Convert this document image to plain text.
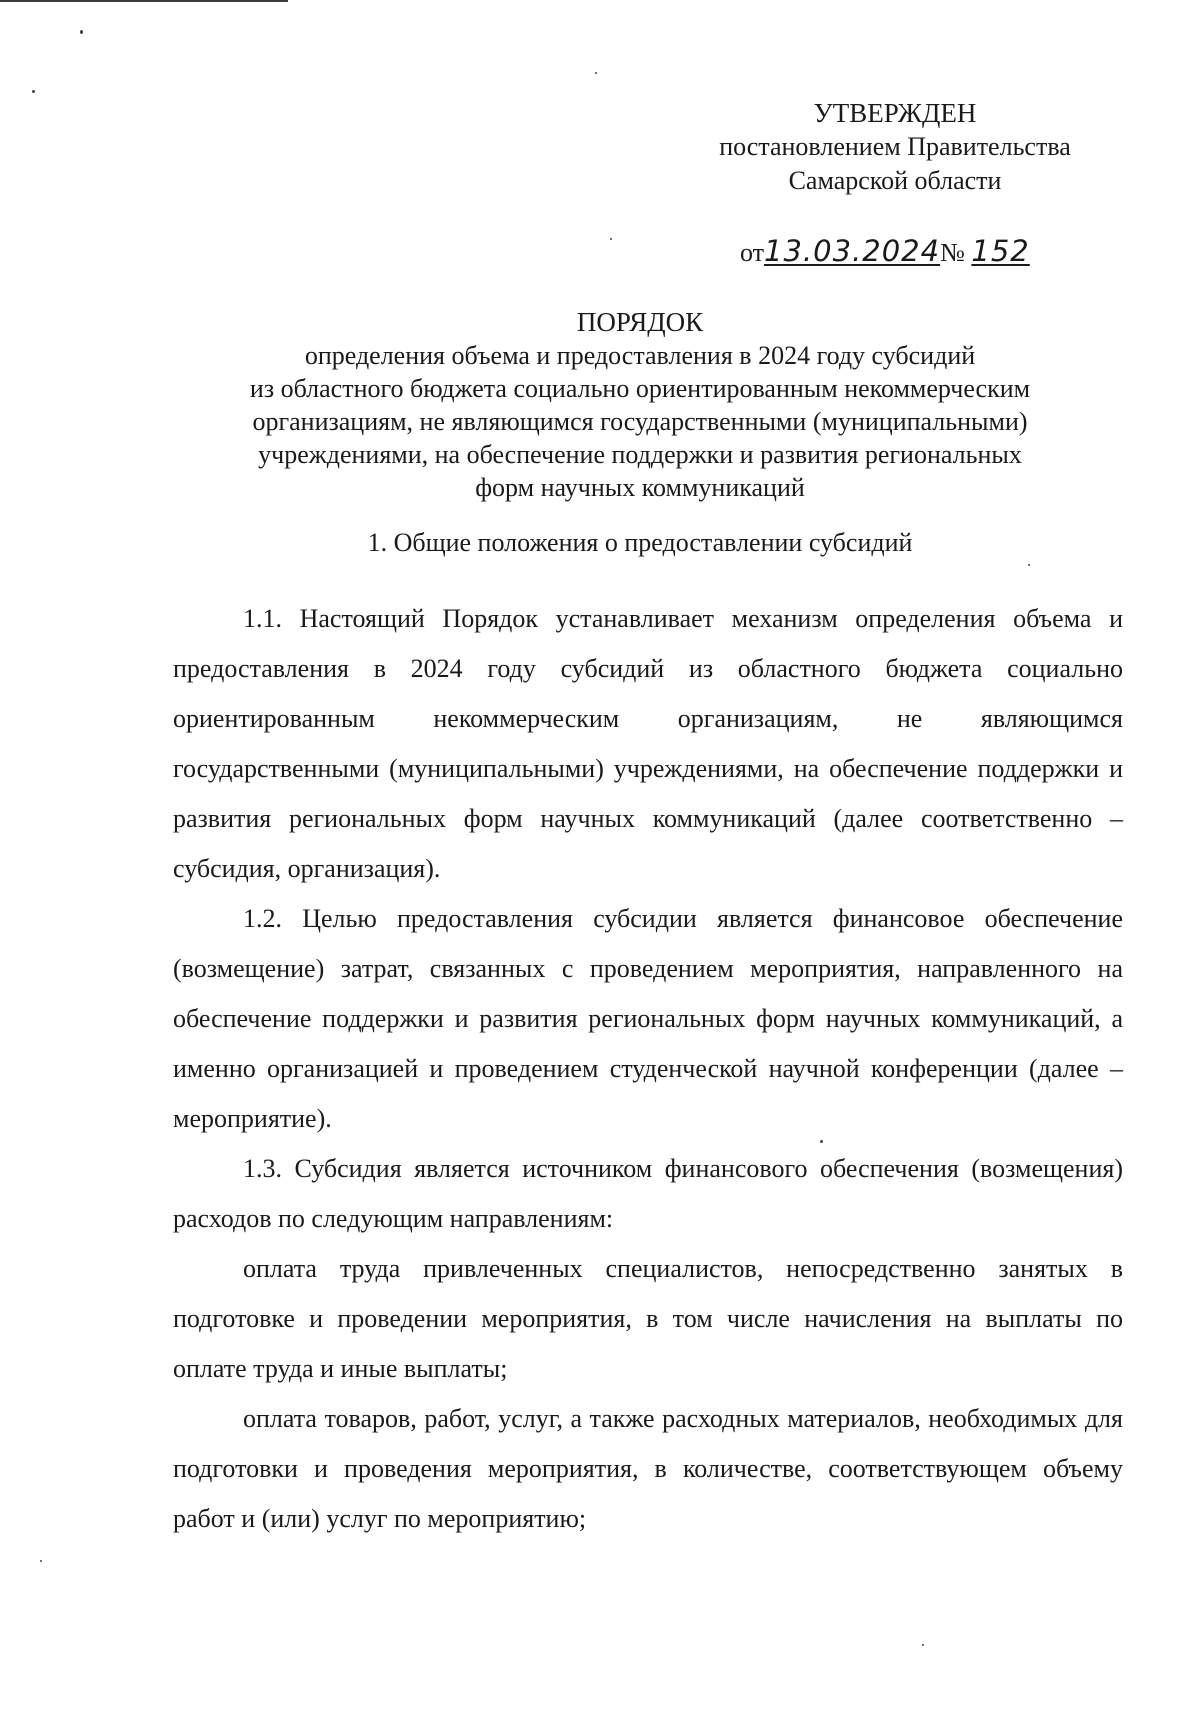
УТВЕРЖДЕН
постановлением Правительства
Самарской области
от13.03.2024№ 152
ПОРЯДОК
определения объема и предоставления в 2024 году субсидий
из областного бюджета социально ориентированным некоммерческим
организациям, не являющимся государственными (муниципальными)
учреждениями, на обеспечение поддержки и развития региональных
форм научных коммуникаций
1. Общие положения о предоставлении субсидий

1.1. Настоящий Порядок устанавливает механизм определения объема и предоставления в 2024 году субсидий из областного бюджета социально ориентированным некоммерческим организациям, не являющимся государственными (муниципальными) учреждениями, на обеспечение поддержки и развития региональных форм научных коммуникаций (далее соответственно – субсидия, организация).

1.2. Целью предоставления субсидии является финансовое обеспечение (возмещение) затрат, связанных с проведением мероприятия, направленного на обеспечение поддержки и развития региональных форм научных коммуникаций, а именно организацией и проведением студенческой научной конференции (далее – мероприятие).

1.3. Субсидия является источником финансового обеспечения (возмещения) расходов по следующим направлениям:

оплата труда привлеченных специалистов, непосредственно занятых в подготовке и проведении мероприятия, в том числе начисления на выплаты по оплате труда и иные выплаты;

оплата товаров, работ, услуг, а также расходных материалов, необходимых для подготовки и проведения мероприятия, в количестве, соответствующем объему работ и (или) услуг по мероприятию;
